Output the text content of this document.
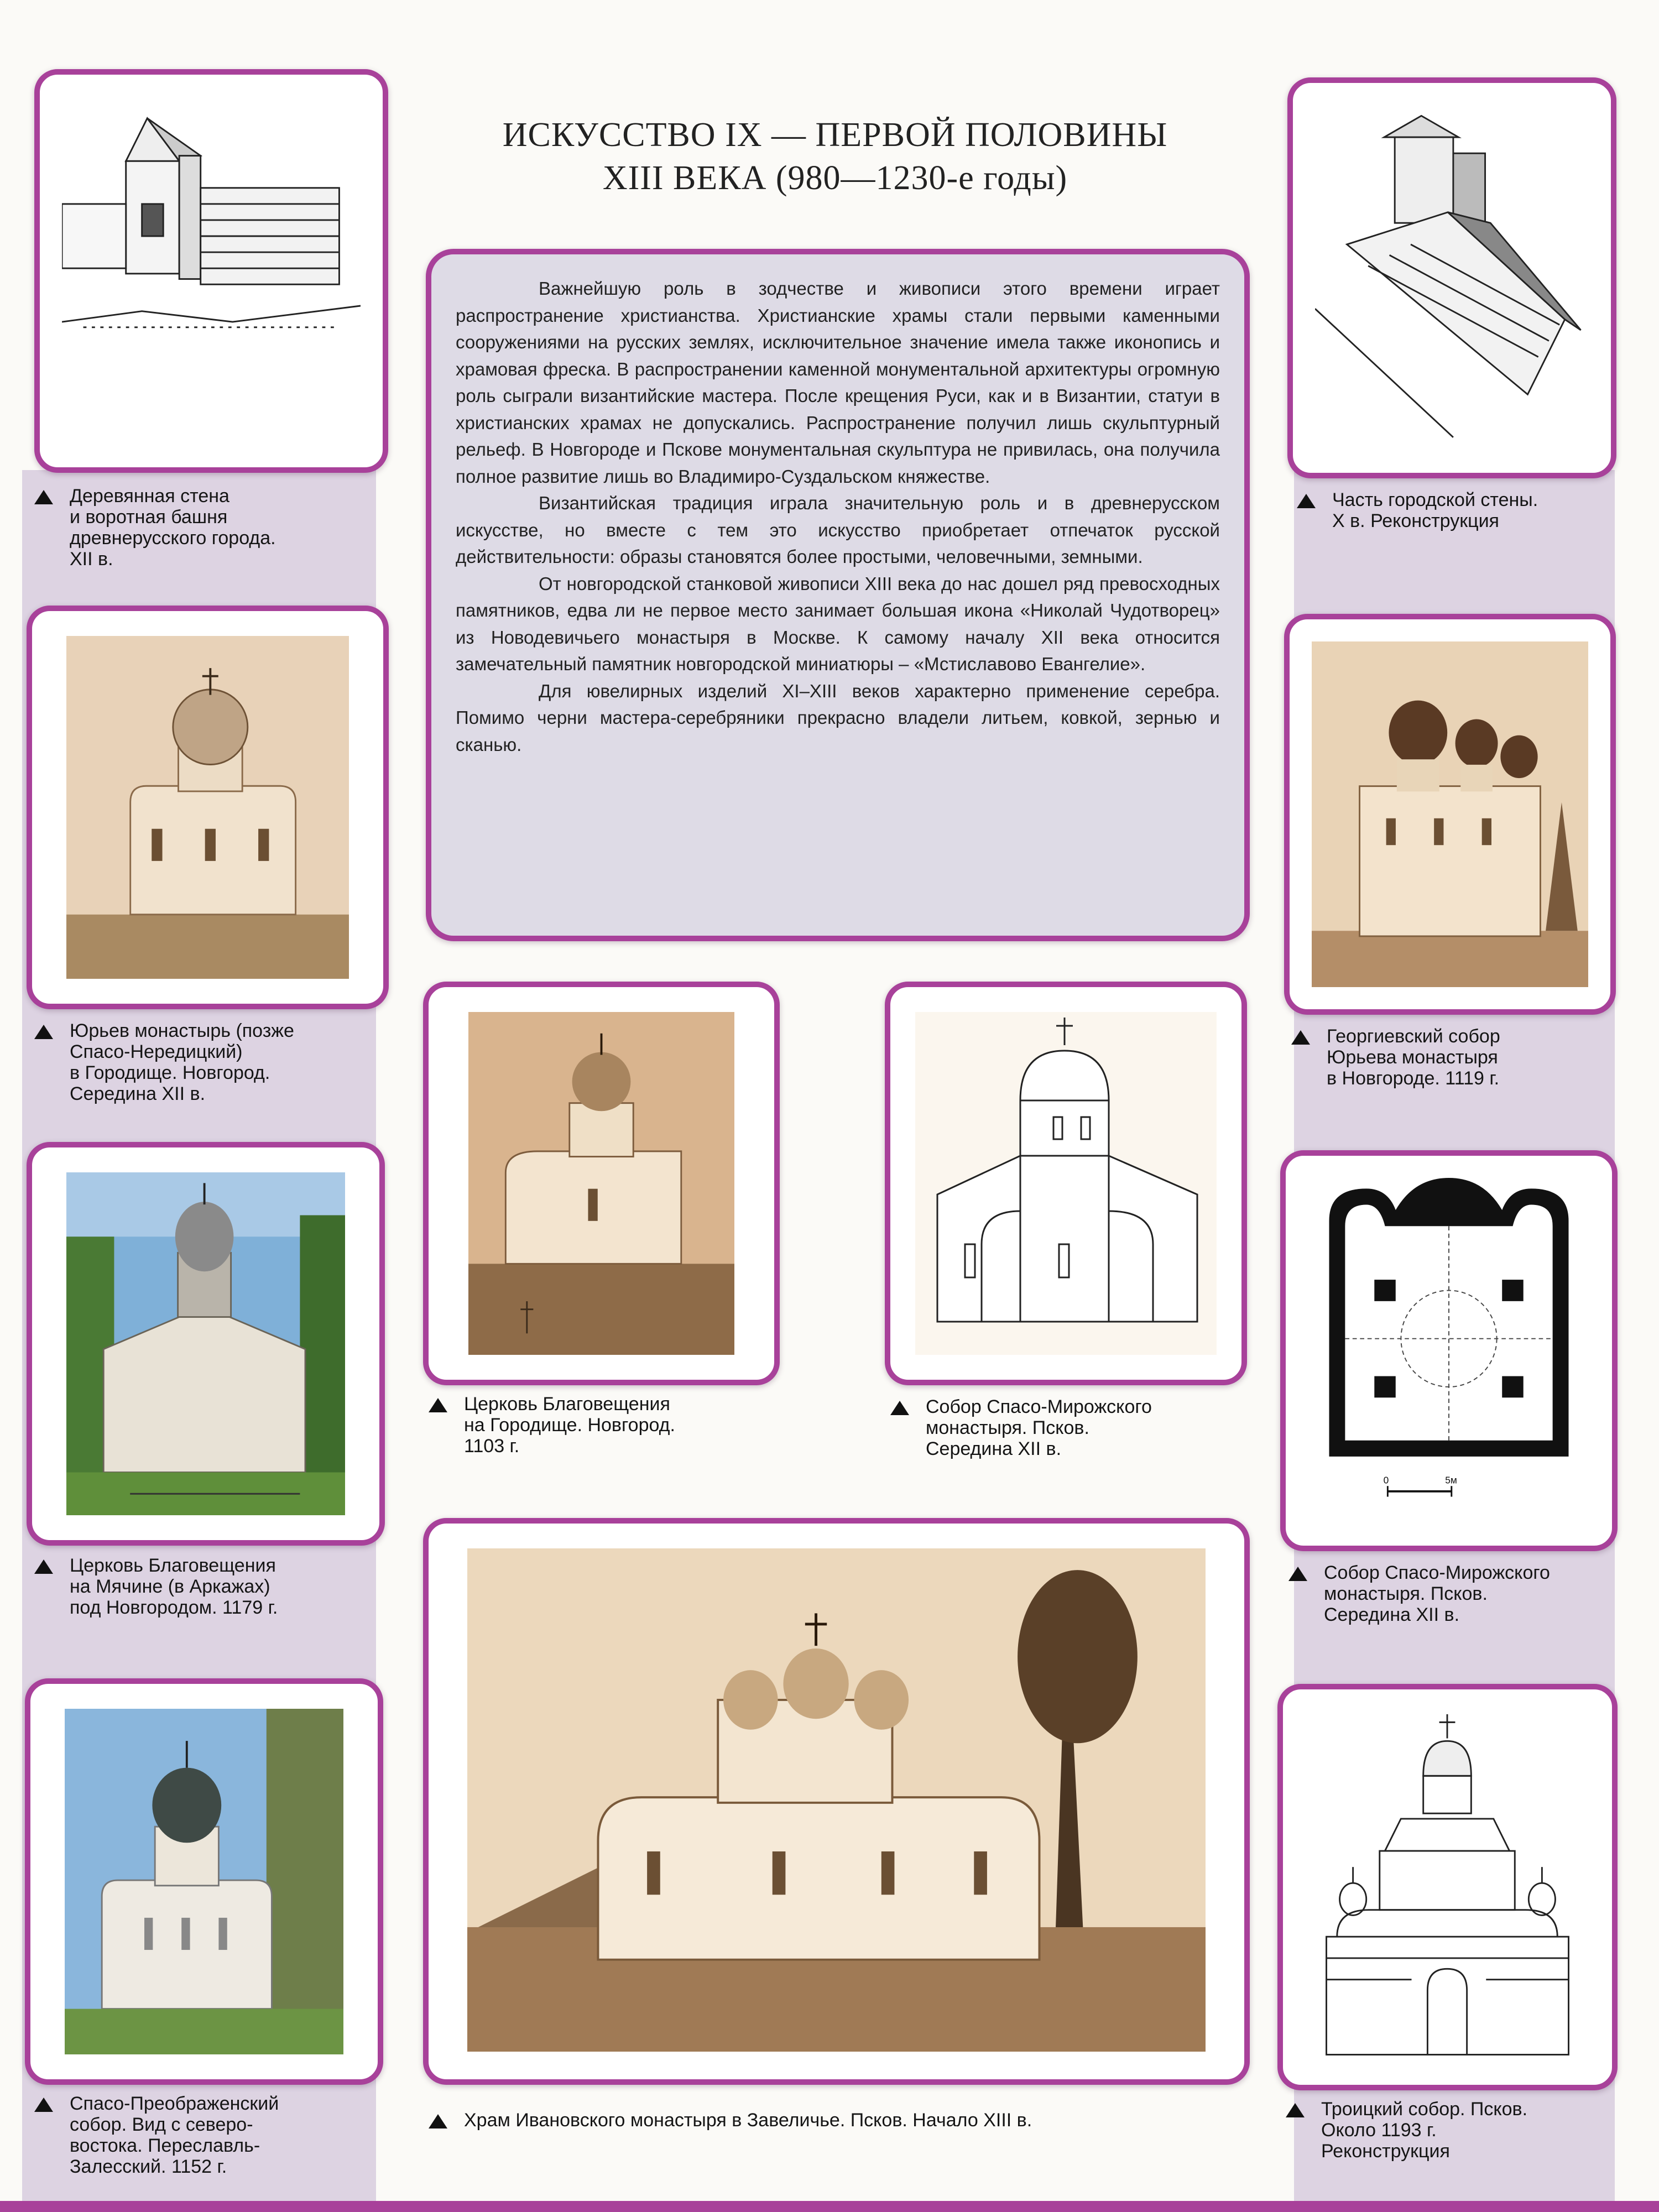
ИСКУССТВО IX — ПЕРВОЙ ПОЛОВИНЫ
XIII ВЕКА (980—1230-е годы)

Важнейшую роль в зодчестве и живописи этого времени играет распространение христианства. Христианские храмы стали первыми каменными сооружениями на русских землях, исключительное значение имела также иконопись и храмовая фреска. В распространении каменной монументальной архитектуры огромную роль сыграли византийские мастера. После крещения Руси, как и в Византии, статуи в христианских храмах не допускались. Распространение получил лишь скульптурный рельеф. В Новгороде и Пскове монументальная скульптура не привилась, она получила полное развитие лишь во Владимиро-Суздальском княжестве.

Византийская традиция играла значительную роль и в древнерусском искусстве, но вместе с тем это искусство приобретает отпечаток русской действительности: образы становятся более простыми, человечными, земными.

От новгородской станковой живописи XIII века до нас дошел ряд превосходных памятников, едва ли не первое место занимает большая икона «Николай Чудотворец» из Новодевичьего монастыря в Москве. К самому началу XII века относится замечательный памятник новгородской миниатюры – «Мстиславово Евангелие».

Для ювелирных изделий XI–XIII веков характерно применение серебра. Помимо черни мастера-серебряники прекрасно владели литьем, ковкой, зернью и сканью.

Деревянная стена
и воротная башня
древнерусского города.
XII в.
Часть городской стены.
X в. Реконструкция
Юрьев монастырь (позже
Спасо-Нередицкий)
в Городище. Новгород.
Середина XII в.
Георгиевский собор
Юрьева монастыря
в Новгороде. 1119 г.
Церковь Благовещения
на Городище. Новгород.
1103 г.
Собор Спасо-Мирожского
монастыря. Псков.
Середина XII в.
Церковь Благовещения
на Мячине (в Аркажах)
под Новгородом. 1179 г.
0	5м
Собор Спасо-Мирожского
монастыря. Псков.
Середина XII в.
Спасо-Преображенский
собор. Вид с северо-
востока. Переславль-
Залесский. 1152 г.
Храм Ивановского монастыря в Завеличье. Псков. Начало XIII в.
Троицкий собор. Псков.
Около 1193 г.
Реконструкция
